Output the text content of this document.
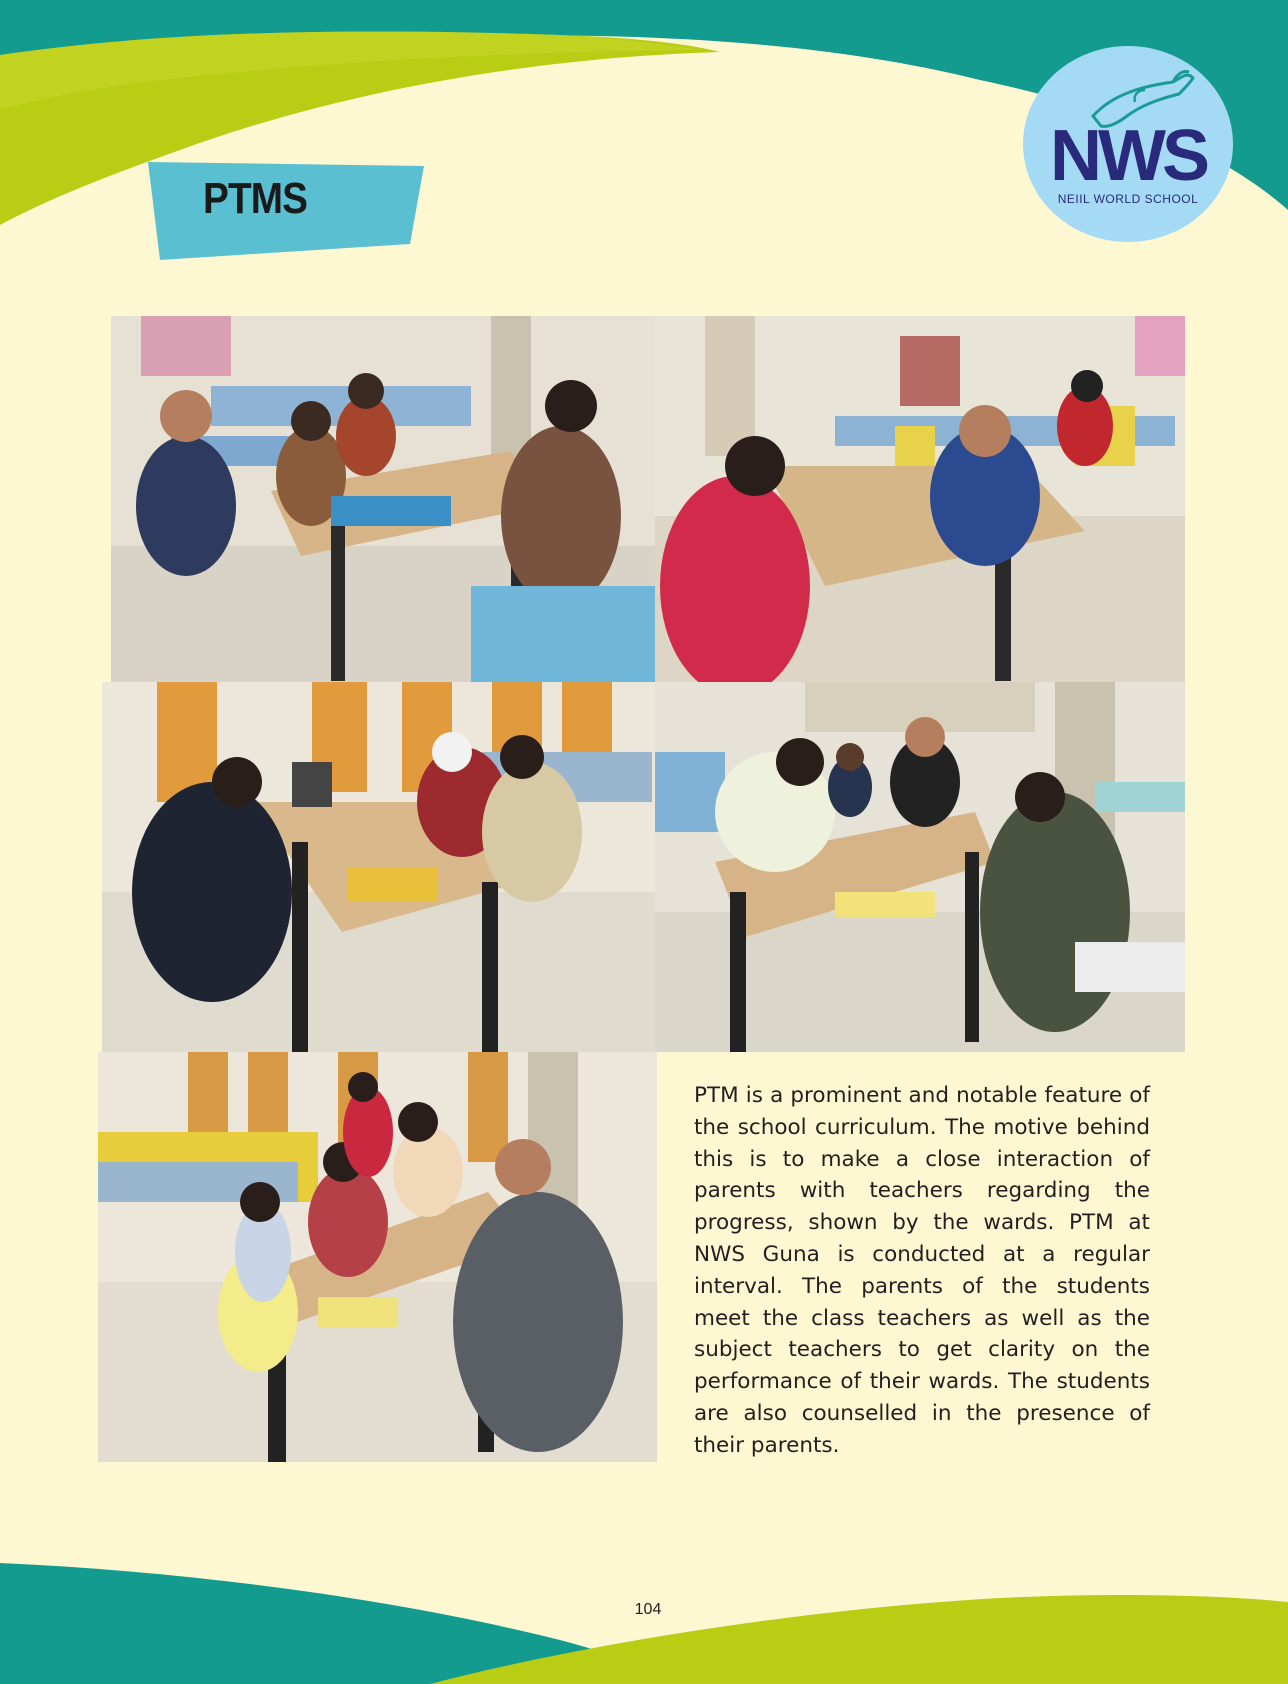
PTMS
NWS
NEIIL WORLD SCHOOL

PTM is a prominent and notable feature of the school curriculum. The motive behind this is to make a close interaction of parents with teachers regarding the progress, shown by the wards. PTM at NWS Guna is conducted at a regular interval. The parents of the students meet the class teachers as well as the subject teachers to get clarity on the performance of their wards. The students are also counselled in the presence of their parents.

104
